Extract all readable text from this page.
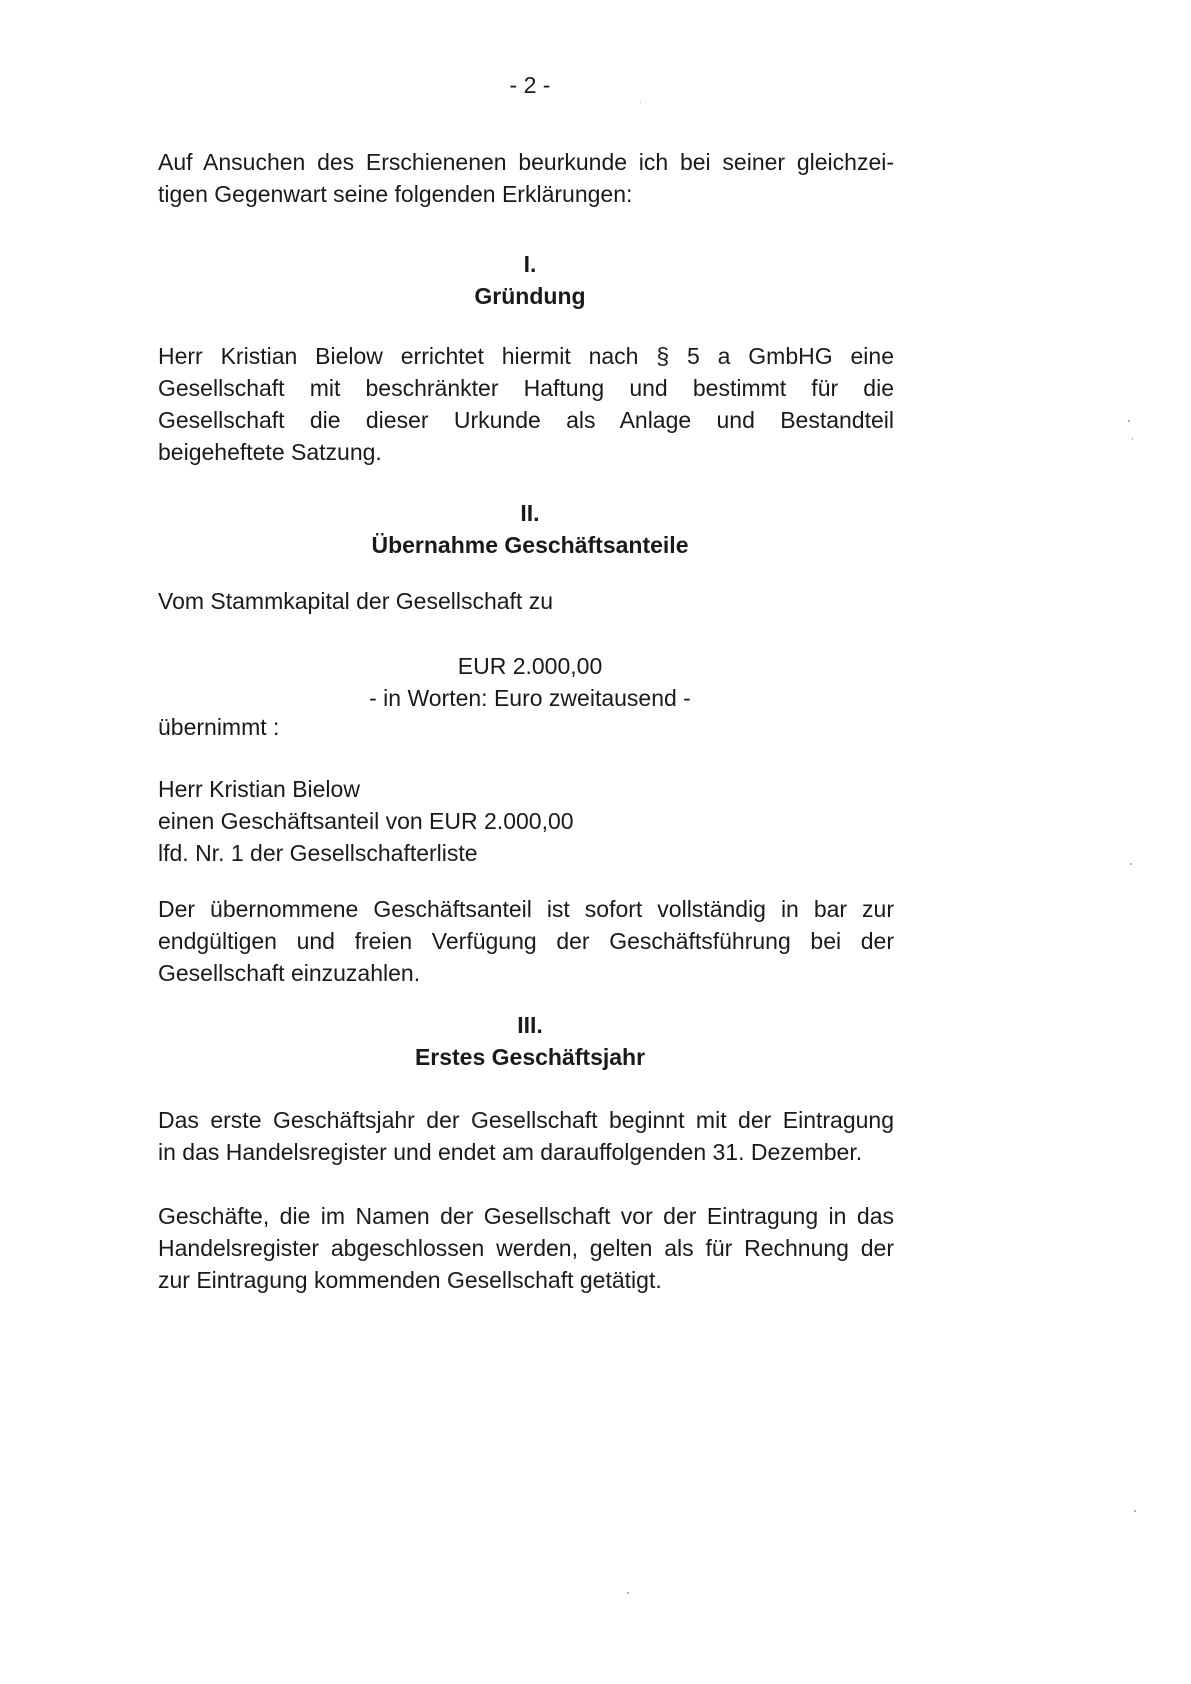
- 2 -
Auf Ansuchen des Erschienenen beurkunde ich bei seiner gleichzei-
tigen Gegenwart seine folgenden Erklärungen:
I.
Gründung
Herr Kristian Bielow errichtet hiermit nach § 5 a GmbHG eine
Gesellschaft mit beschränkter Haftung und bestimmt für die
Gesellschaft die dieser Urkunde als Anlage und Bestandteil
beigeheftete Satzung.
II.
Übernahme Geschäftsanteile
Vom Stammkapital der Gesellschaft zu
EUR 2.000,00
- in Worten: Euro zweitausend -
übernimmt :
Herr Kristian Bielow
einen Geschäftsanteil von EUR 2.000,00
lfd. Nr. 1 der Gesellschafterliste
Der übernommene Geschäftsanteil ist sofort vollständig in bar zur
endgültigen und freien Verfügung der Geschäftsführung bei der
Gesellschaft einzuzahlen.
III.
Erstes Geschäftsjahr
Das erste Geschäftsjahr der Gesellschaft beginnt mit der Eintragung
in das Handelsregister und endet am darauffolgenden 31. Dezember.
Geschäfte, die im Namen der Gesellschaft vor der Eintragung in das
Handelsregister abgeschlossen werden, gelten als für Rechnung der
zur Eintragung kommenden Gesellschaft getätigt.
